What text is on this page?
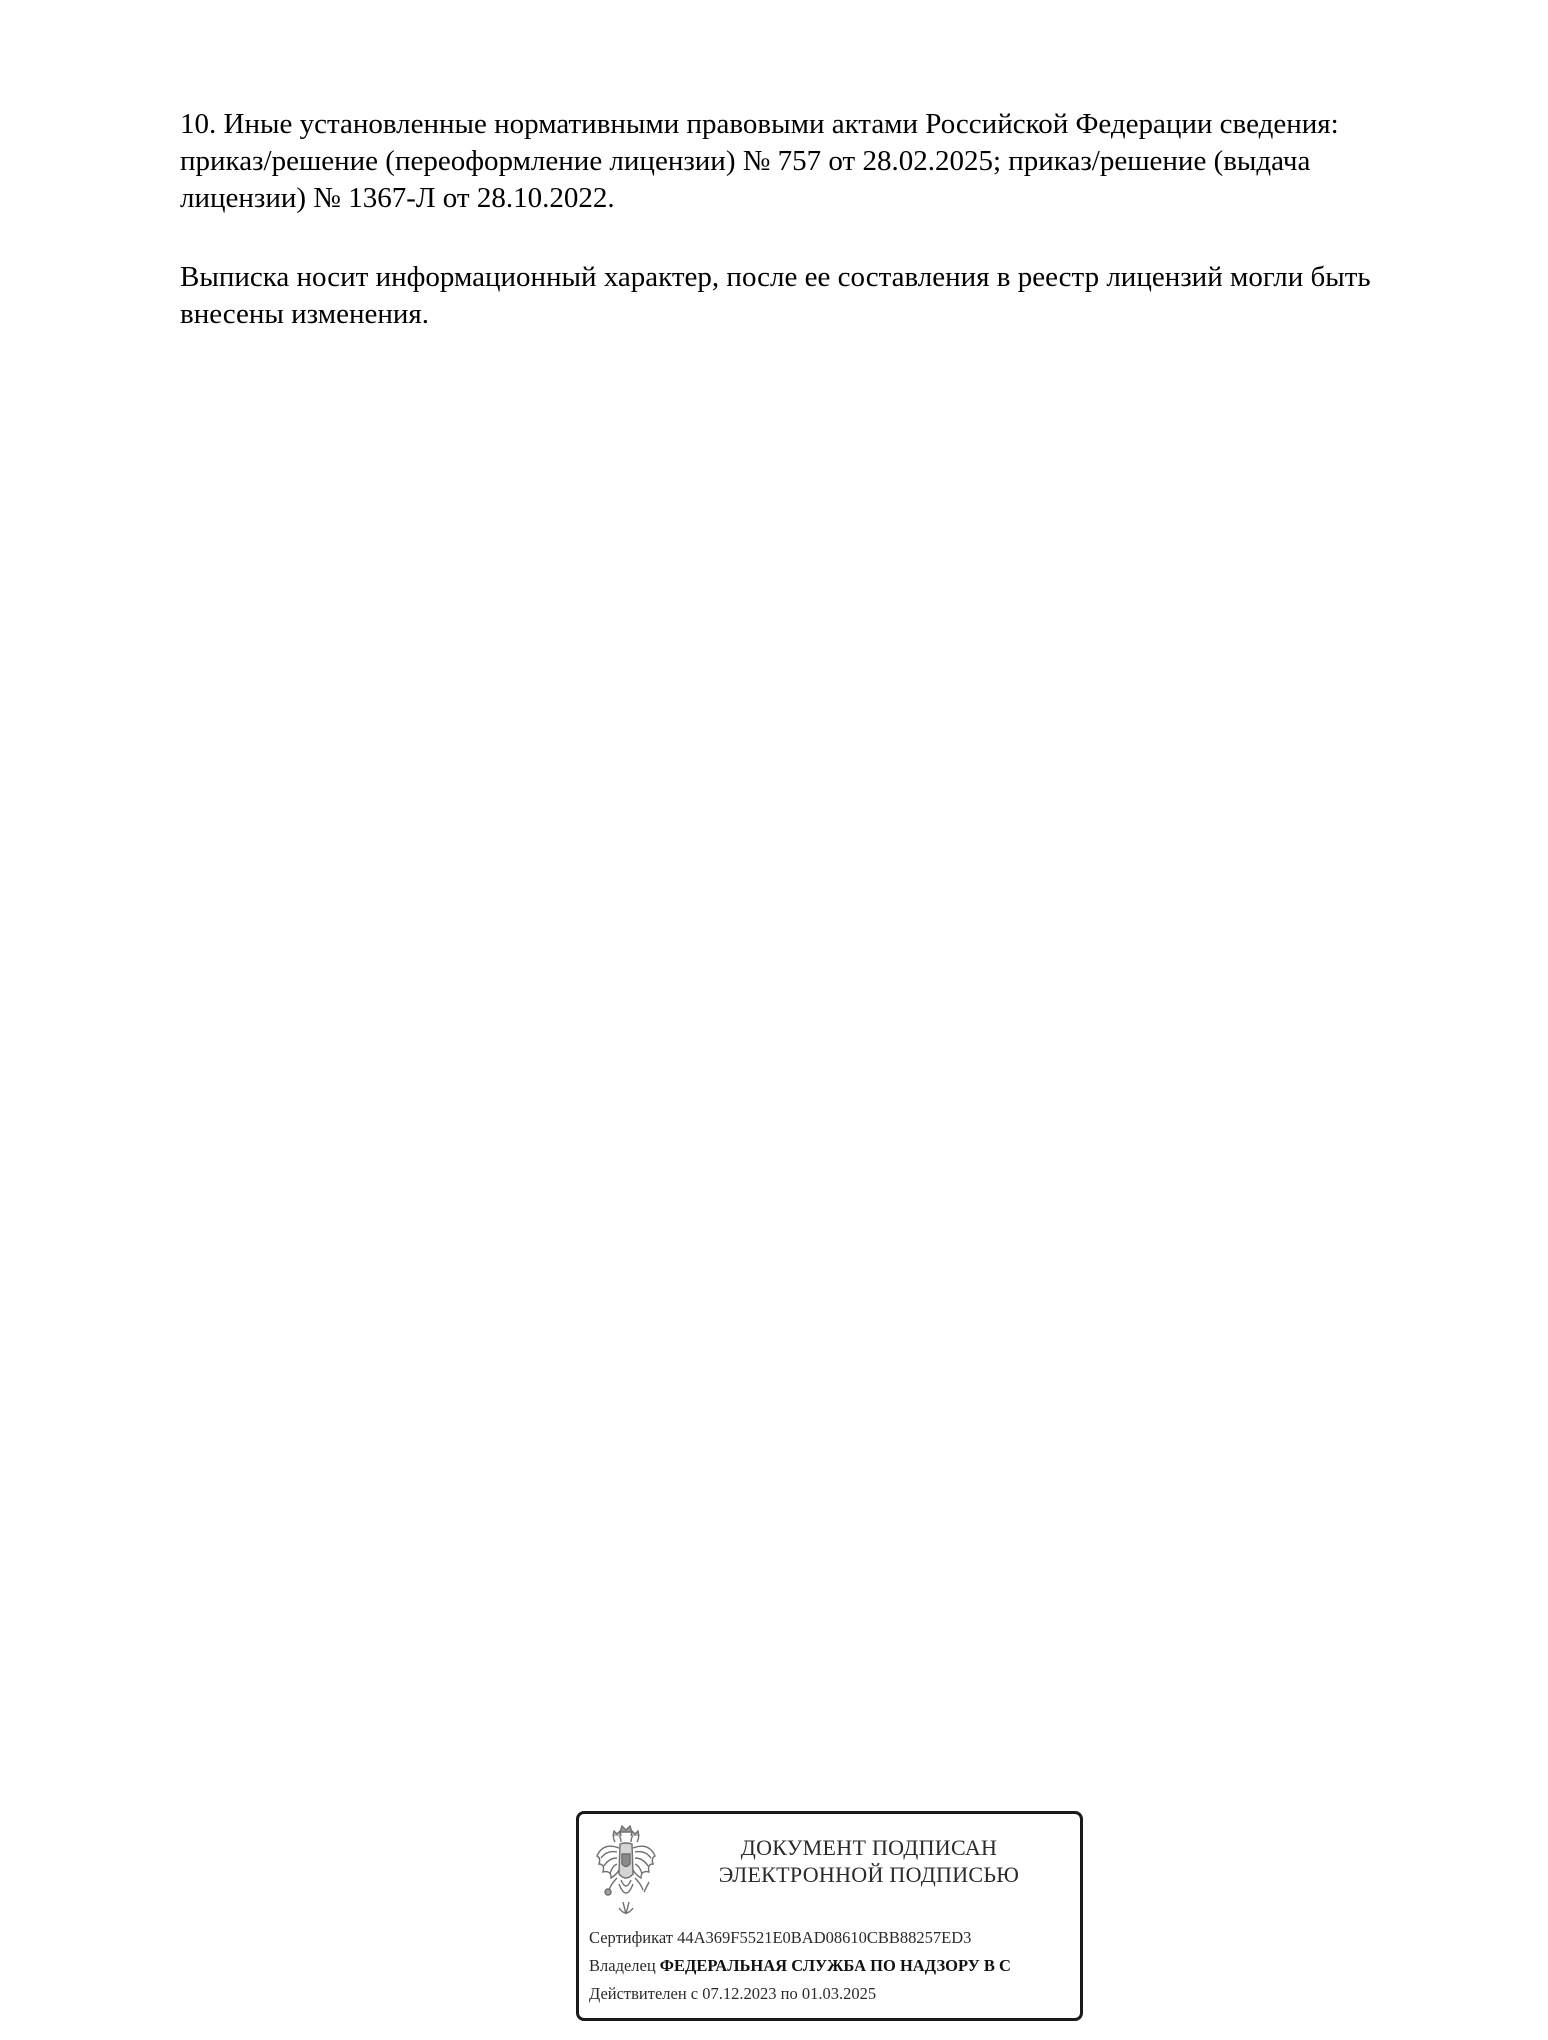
10. Иные установленные нормативными правовыми актами Российской Федерации сведения:
приказ/решение (переоформление лицензии) № 757 от 28.02.2025; приказ/решение (выдача
лицензии) № 1367-Л от 28.10.2022.
Выписка носит информационный характер, после ее составления в реестр лицензий могли быть
внесены изменения.
ДОКУМЕНТ ПОДПИСАН
ЭЛЕКТРОННОЙ ПОДПИСЬЮ
Сертификат 44A369F5521E0BAD08610CBB88257ED3
Владелец ФЕДЕРАЛЬНАЯ СЛУЖБА ПО НАДЗОРУ В С
Действителен с 07.12.2023 по 01.03.2025
